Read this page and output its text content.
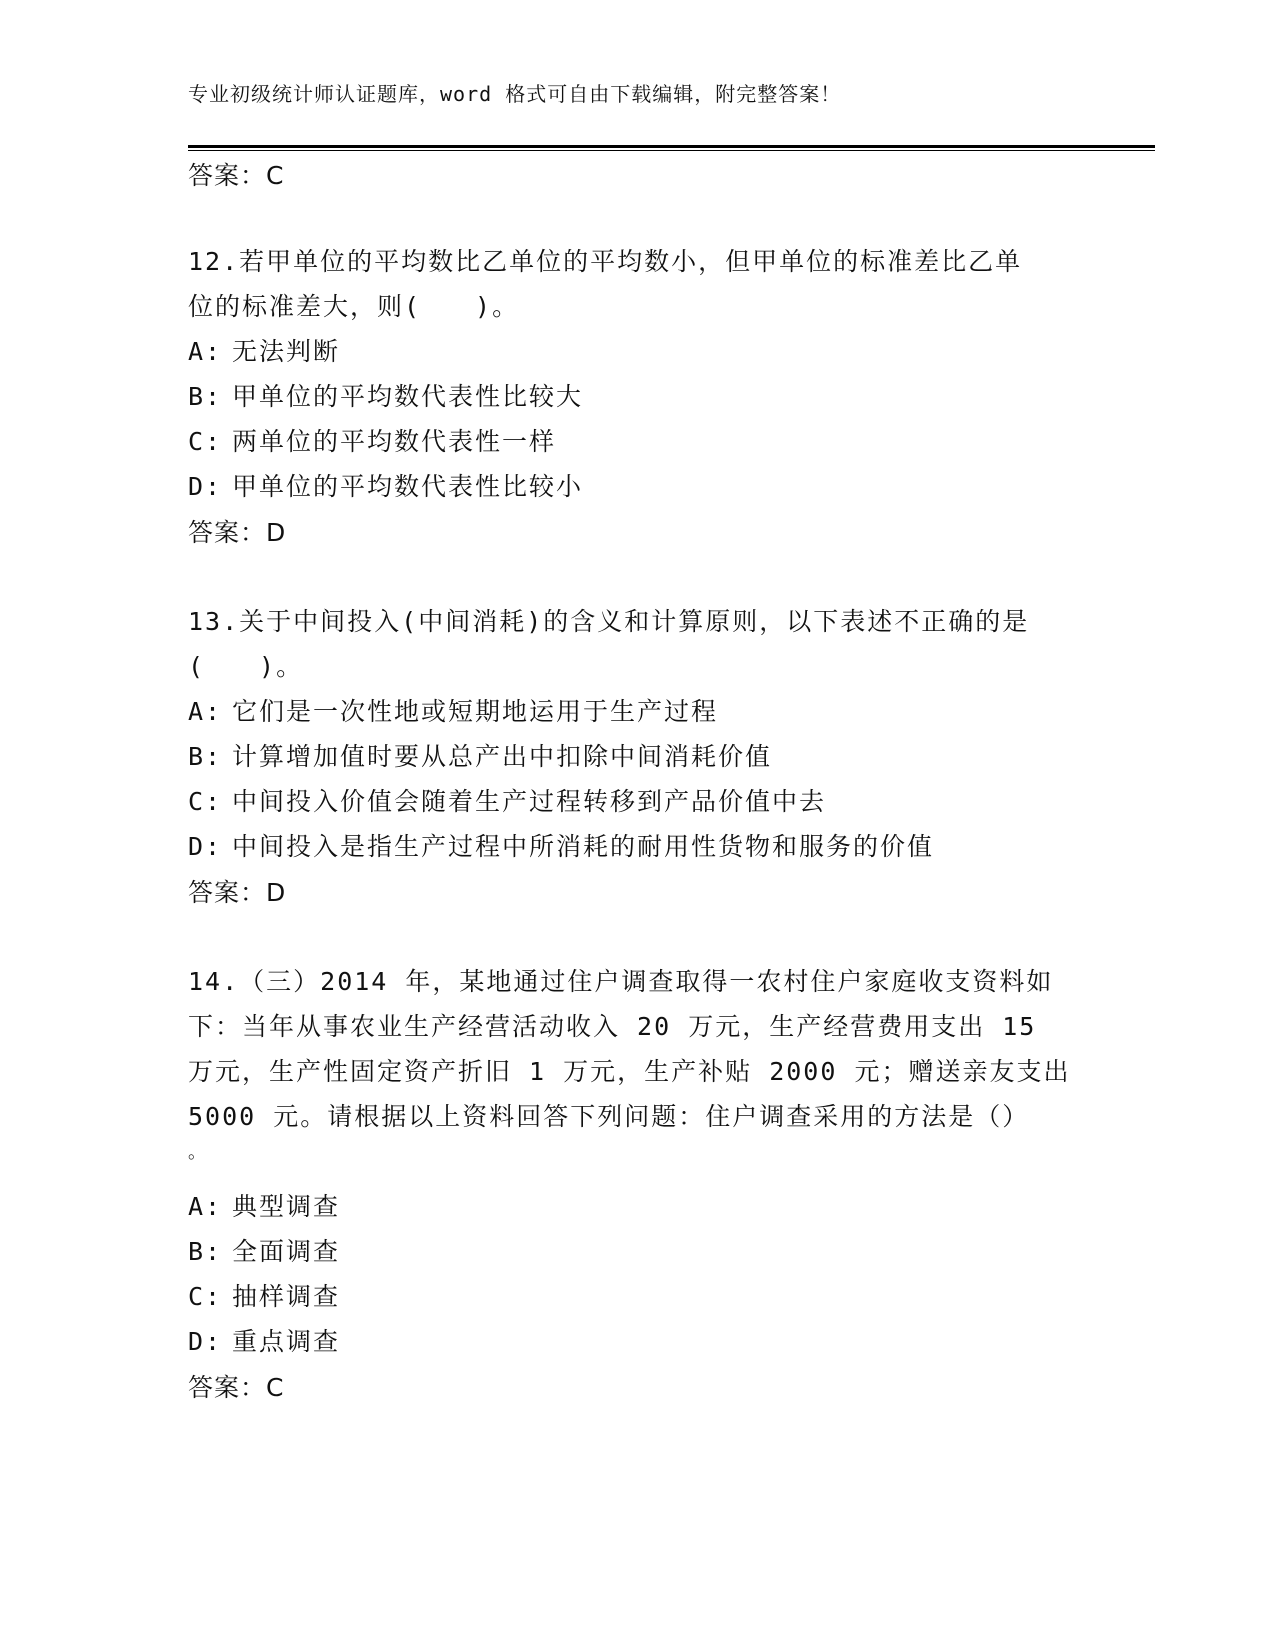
专业初级统计师认证题库，word 格式可自由下载编辑，附完整答案！
答案：C
12.若甲单位的平均数比乙单位的平均数小，但甲单位的标准差比乙单
位的标准差大，则(　　)。
A: 无法判断
B: 甲单位的平均数代表性比较大
C: 两单位的平均数代表性一样
D: 甲单位的平均数代表性比较小
答案：D
13.关于中间投入(中间消耗)的含义和计算原则，以下表述不正确的是
(　　)。
A: 它们是一次性地或短期地运用于生产过程
B: 计算增加值时要从总产出中扣除中间消耗价值
C: 中间投入价值会随着生产过程转移到产品价值中去
D: 中间投入是指生产过程中所消耗的耐用性货物和服务的价值
答案：D
14.（三）2014 年，某地通过住户调查取得一农村住户家庭收支资料如
下：当年从事农业生产经营活动收入 20 万元，生产经营费用支出 15
万元，生产性固定资产折旧 1 万元，生产补贴 2000 元；赠送亲友支出
5000 元。请根据以上资料回答下列问题：住户调查采用的方法是（）
。
A: 典型调查
B: 全面调查
C: 抽样调查
D: 重点调查
答案：C
